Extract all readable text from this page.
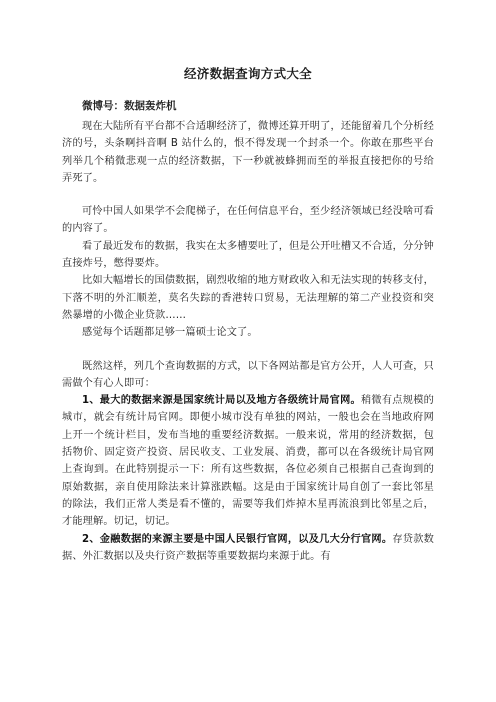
经济数据查询方式大全
微博号：数据轰炸机

现在大陆所有平台都不合适聊经济了，微博还算开明了，还能留着几个分析经济的号，头条啊抖音啊 B 站什么的，恨不得发现一个封杀一个。你敢在那些平台列举几个稍微悲观一点的经济数据，下一秒就被蜂拥而至的举报直接把你的号给弄死了。

可怜中国人如果学不会爬梯子，在任何信息平台，至少经济领域已经没啥可看的内容了。

看了最近发布的数据，我实在太多槽要吐了，但是公开吐槽又不合适，分分钟直接炸号，憋得要炸。

比如大幅增长的国债数据，剧烈收缩的地方财政收入和无法实现的转移支付，下落不明的外汇顺差，莫名失踪的香港转口贸易，无法理解的第二产业投资和突然暴增的小微企业贷款……

感觉每个话题都足够一篇硕士论文了。

既然这样，列几个查询数据的方式，以下各网站都是官方公开，人人可查，只需做个有心人即可：

1、最大的数据来源是国家统计局以及地方各级统计局官网。稍微有点规模的城市，就会有统计局官网。即便小城市没有单独的网站，一般也会在当地政府网上开一个统计栏目，发布当地的重要经济数据。一般来说，常用的经济数据，包括物价、固定资产投资、居民收支、工业发展、消费，都可以在各级统计局官网上查询到。在此特别提示一下：所有这些数据，各位必须自己根据自己查询到的原始数据，亲自使用除法来计算涨跌幅。这是由于国家统计局自创了一套比邻星的除法，我们正常人类是看不懂的，需要等我们炸掉木星再流浪到比邻星之后，才能理解。切记，切记。

2、金融数据的来源主要是中国人民银行官网，以及几大分行官网。存贷款数据、外汇数据以及央行资产数据等重要数据均来源于此。有
